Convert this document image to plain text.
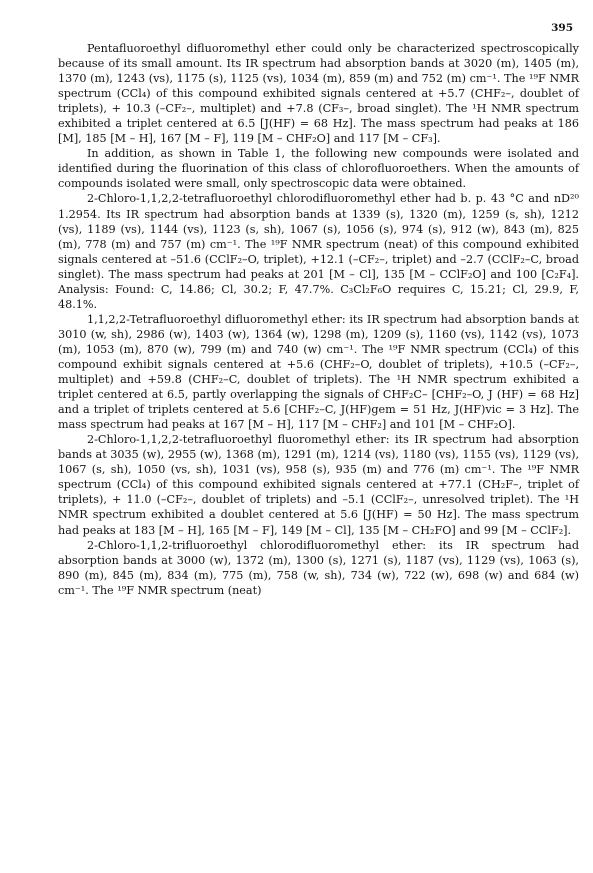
395

Pentafluoroethyl difluoromethyl ether could only be characterized spectroscopically because of its small amount. Its IR spectrum had absorption bands at 3020 (m), 1405 (m), 1370 (m), 1243 (vs), 1175 (s), 1125 (vs), 1034 (m), 859 (m) and 752 (m) cm⁻¹. The ¹⁹F NMR spectrum (CCl₄) of this compound exhibited signals centered at +5.7 (CHF₂–, doublet of triplets), + 10.3 (–CF₂–, multiplet) and +7.8 (CF₃–, broad singlet). The ¹H NMR spectrum exhibited a triplet centered at 6.5 [J(HF) = 68 Hz]. The mass spectrum had peaks at 186 [M], 185 [M – H], 167 [M – F], 119 [M – CHF₂O] and 117 [M – CF₃].

In addition, as shown in Table 1, the following new compounds were isolated and identified during the fluorination of this class of chlorofluoroethers. When the amounts of compounds isolated were small, only spectroscopic data were obtained.

2-Chloro-1,1,2,2-tetrafluoroethyl chlorodifluoromethyl ether had b. p. 43 °C and nD²⁰ 1.2954. Its IR spectrum had absorption bands at 1339 (s), 1320 (m), 1259 (s, sh), 1212 (vs), 1189 (vs), 1144 (vs), 1123 (s, sh), 1067 (s), 1056 (s), 974 (s), 912 (w), 843 (m), 825 (m), 778 (m) and 757 (m) cm⁻¹. The ¹⁹F NMR spectrum (neat) of this compound exhibited signals centered at –51.6 (CClF₂–O, triplet), +12.1 (–CF₂–, triplet) and –2.7 (CClF₂–C, broad singlet). The mass spectrum had peaks at 201 [M – Cl], 135 [M – CClF₂O] and 100 [C₂F₄]. Analysis: Found: C, 14.86; Cl, 30.2; F, 47.7%. C₃Cl₂F₆O requires C, 15.21; Cl, 29.9, F, 48.1%.

1,1,2,2-Tetrafluoroethyl difluoromethyl ether: its IR spectrum had absorption bands at 3010 (w, sh), 2986 (w), 1403 (w), 1364 (w), 1298 (m), 1209 (s), 1160 (vs), 1142 (vs), 1073 (m), 1053 (m), 870 (w), 799 (m) and 740 (w) cm⁻¹. The ¹⁹F NMR spectrum (CCl₄) of this compound exhibit signals centered at +5.6 (CHF₂–O, doublet of triplets), +10.5 (–CF₂–, multiplet) and +59.8 (CHF₂–C, doublet of triplets). The ¹H NMR spectrum exhibited a triplet centered at 6.5, partly overlapping the signals of CHF₂C– [CHF₂–O, J (HF) = 68 Hz] and a triplet of triplets centered at 5.6 [CHF₂–C, J(HF)gem = 51 Hz, J(HF)vic = 3 Hz]. The mass spectrum had peaks at 167 [M – H], 117 [M – CHF₂] and 101 [M – CHF₂O].

2-Chloro-1,1,2,2-tetrafluoroethyl fluoromethyl ether: its IR spectrum had absorption bands at 3035 (w), 2955 (w), 1368 (m), 1291 (m), 1214 (vs), 1180 (vs), 1155 (vs), 1129 (vs), 1067 (s, sh), 1050 (vs, sh), 1031 (vs), 958 (s), 935 (m) and 776 (m) cm⁻¹. The ¹⁹F NMR spectrum (CCl₄) of this compound exhibited signals centered at +77.1 (CH₂F–, triplet of triplets), + 11.0 (–CF₂–, doublet of triplets) and –5.1 (CClF₂–, unresolved triplet). The ¹H NMR spectrum exhibited a doublet centered at 5.6 [J(HF) = 50 Hz]. The mass spectrum had peaks at 183 [M – H], 165 [M – F], 149 [M – Cl], 135 [M – CH₂FO] and 99 [M – CClF₂].

2-Chloro-1,1,2-trifluoroethyl chlorodifluoromethyl ether: its IR spectrum had absorption bands at 3000 (w), 1372 (m), 1300 (s), 1271 (s), 1187 (vs), 1129 (vs), 1063 (s), 890 (m), 845 (m), 834 (m), 775 (m), 758 (w, sh), 734 (w), 722 (w), 698 (w) and 684 (w) cm⁻¹. The ¹⁹F NMR spectrum (neat)
